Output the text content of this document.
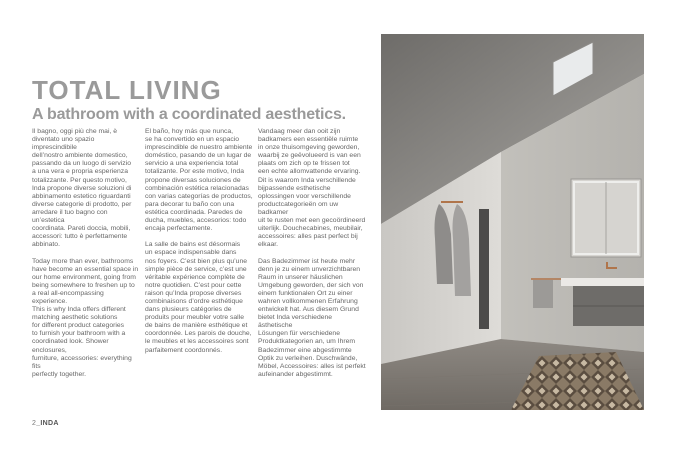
TOTAL LIVING
A bathroom with a coordinated aesthetics.

Il bagno, oggi più che mai, è
diventato uno spazio imprescindibile
dell’nostro ambiente domestico,
passando da un luogo di servizio
a una vera e propria esperienza
totalizzante. Per questo motivo,
Inda propone diverse soluzioni di
abbinamento estetico riguardanti
diverse categorie di prodotto, per
arredare il tuo bagno con un’estetica
coordinata. Pareti doccia, mobili,
accessori: tutto è perfettamente
abbinato.

Today more than ever, bathrooms
have become an essential space in
our home environment, going from
being somewhere to freshen up to
a real all-encompassing experience.
This is why Inda offers different
matching aesthetic solutions
for different product categories
to furnish your bathroom with a
coordinated look. Shower enclosures,
furniture, accessories: everything fits
perfectly together.

El baño, hoy más que nunca,
se ha convertido en un espacio
imprescindible de nuestro ambiente
doméstico, pasando de un lugar de
servicio a una experiencia total
totalizante. Por este motivo, Inda
propone diversas soluciones de
combinación estética relacionadas
con varias categorías de productos,
para decorar tu baño con una
estética coordinada. Paredes de
ducha, muebles, accesorios: todo
encaja perfectamente.

La salle de bains est désormais
un espace indispensable dans
nos foyers. C’est bien plus qu’une
simple pièce de service, c’est une
véritable expérience complète de
notre quotidien. C’est pour cette
raison qu’Inda propose diverses
combinaisons d’ordre esthétique
dans plusieurs catégories de
produits pour meubler votre salle
de bains de manière esthétique et
coordonnée. Les parois de douche,
le meubles et les accessoires sont
parfaitement coordonnés.

Vandaag meer dan ooit zijn
badkamers een essentiële ruimte
in onze thuisomgeving geworden,
waarbij ze geëvolueerd is van een
plaats om zich op te frissen tot
een echte allomvattende ervaring.
Dit is waarom Inda verschillende
bijpassende esthetische
oplossingen voor verschillende
productcategorieën om uw badkamer
uit te rusten met een gecoördineerd
uiterlijk. Douchecabines, meubilair,
accessoires: alles past perfect bij
elkaar.

Das Badezimmer ist heute mehr
denn je zu einem unverzichtbaren
Raum in unserer häuslichen
Umgebung geworden, der sich von
einem funktionalen Ort zu einer
wahren vollkommenen Erfahrung
entwickelt hat. Aus diesem Grund
bietet Inda verschiedene ästhetische
Lösungen für verschiedene
Produktkategorien an, um Ihrem
Badezimmer eine abgestimmte
Optik zu verleihen. Duschwände,
Möbel, Accessoires: alles ist perfekt
aufeinander abgestimmt.

2_INDA
